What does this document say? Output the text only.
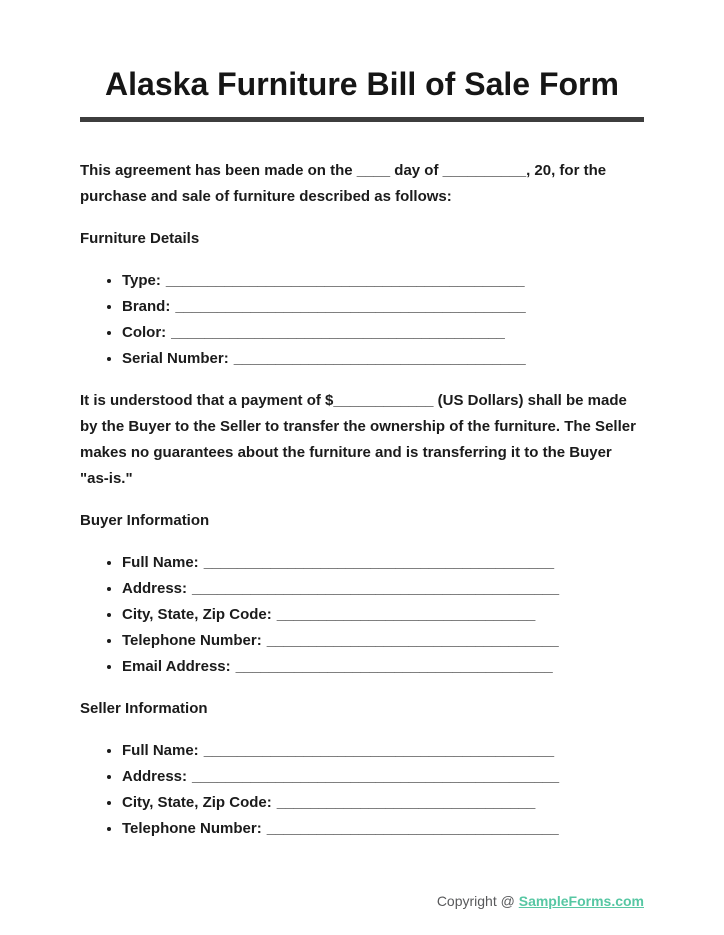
Alaska Furniture Bill of Sale Form

This agreement has been made on the ____ day of __________, 20, for the purchase and sale of furniture described as follows:

Furniture Details
• Type: ___________________________________________
• Brand: __________________________________________
• Color: ________________________________________
• Serial Number: ___________________________________

It is understood that a payment of $____________ (US Dollars) shall be made by the Buyer to the Seller to transfer the ownership of the furniture. The Seller makes no guarantees about the furniture and is transferring it to the Buyer "as-is."

Buyer Information
• Full Name: __________________________________________
• Address: ____________________________________________
• City, State, Zip Code: _______________________________
• Telephone Number: ___________________________________
• Email Address: ______________________________________
Seller Information
• Full Name: __________________________________________
• Address: ____________________________________________
• City, State, Zip Code: _______________________________
• Telephone Number: ___________________________________
Copyright @ SampleForms.com
